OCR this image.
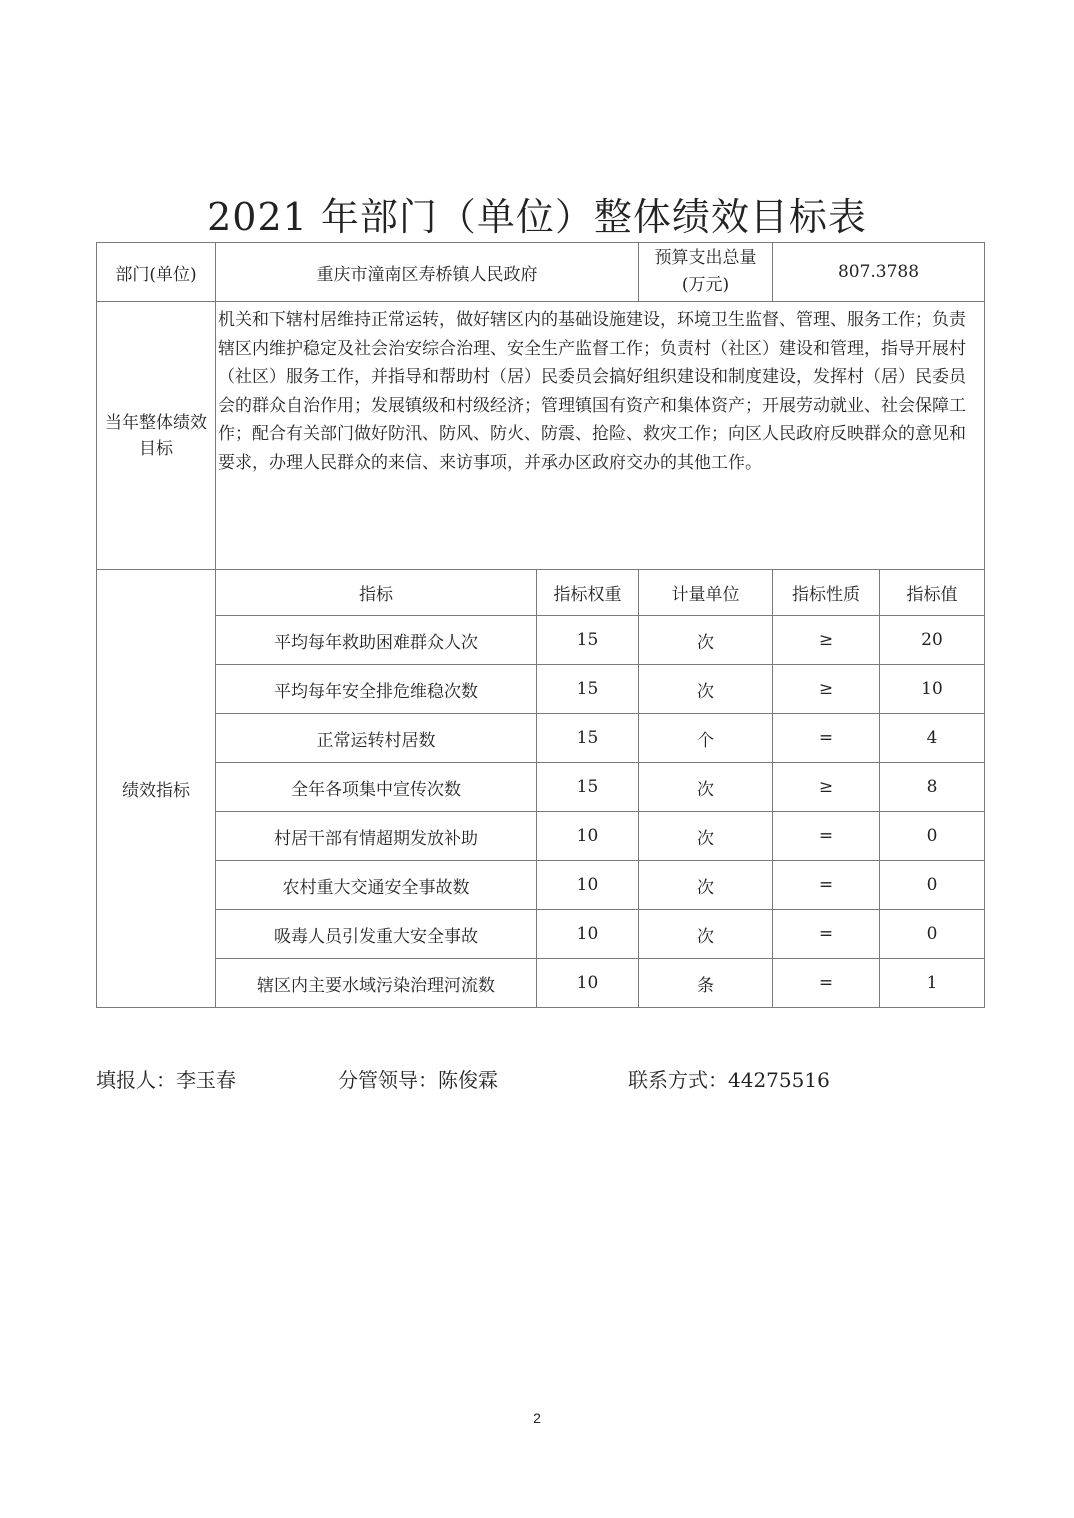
2021 年部门（单位）整体绩效目标表
部门(单位)	重庆市潼南区寿桥镇人民政府		预算支出总量
(万元)	807.3788	

当年整体绩效
目标	机关和下辖村居维持正常运转，做好辖区内的基础设施建设，环境卫生监督、管理、服务工作；负责辖区内维护稳定及社会治安综合治理、安全生产监督工作；负责村（社区）建设和管理，指导开展村（社区）服务工作，并指导和帮助村（居）民委员会搞好组织建设和制度建设，发挥村（居）民委员会的群众自治作用；发展镇级和村级经济；管理镇国有资产和集体资产；开展劳动就业、社会保障工作；配合有关部门做好防汛、防风、防火、防震、抢险、救灾工作；向区人民政府反映群众的意见和要求，办理人民群众的来信、来访事项，并承办区政府交办的其他工作。				
绩效指标	指标	指标权重	计量单位	指标性质	指标值
	平均每年救助困难群众人次	15	次	≥	20
	平均每年安全排危维稳次数	15	次	≥	10
	正常运转村居数	15	个	=	4
	全年各项集中宣传次数	15	次	≥	8
	村居干部有情超期发放补助	10	次	=	0
	农村重大交通安全事故数	10	次	=	0
	吸毒人员引发重大安全事故	10	次	=	0
	辖区内主要水域污染治理河流数	10	条	=	1
填报人：李玉春	分管领导：陈俊霖	联系方式：44275516
2
